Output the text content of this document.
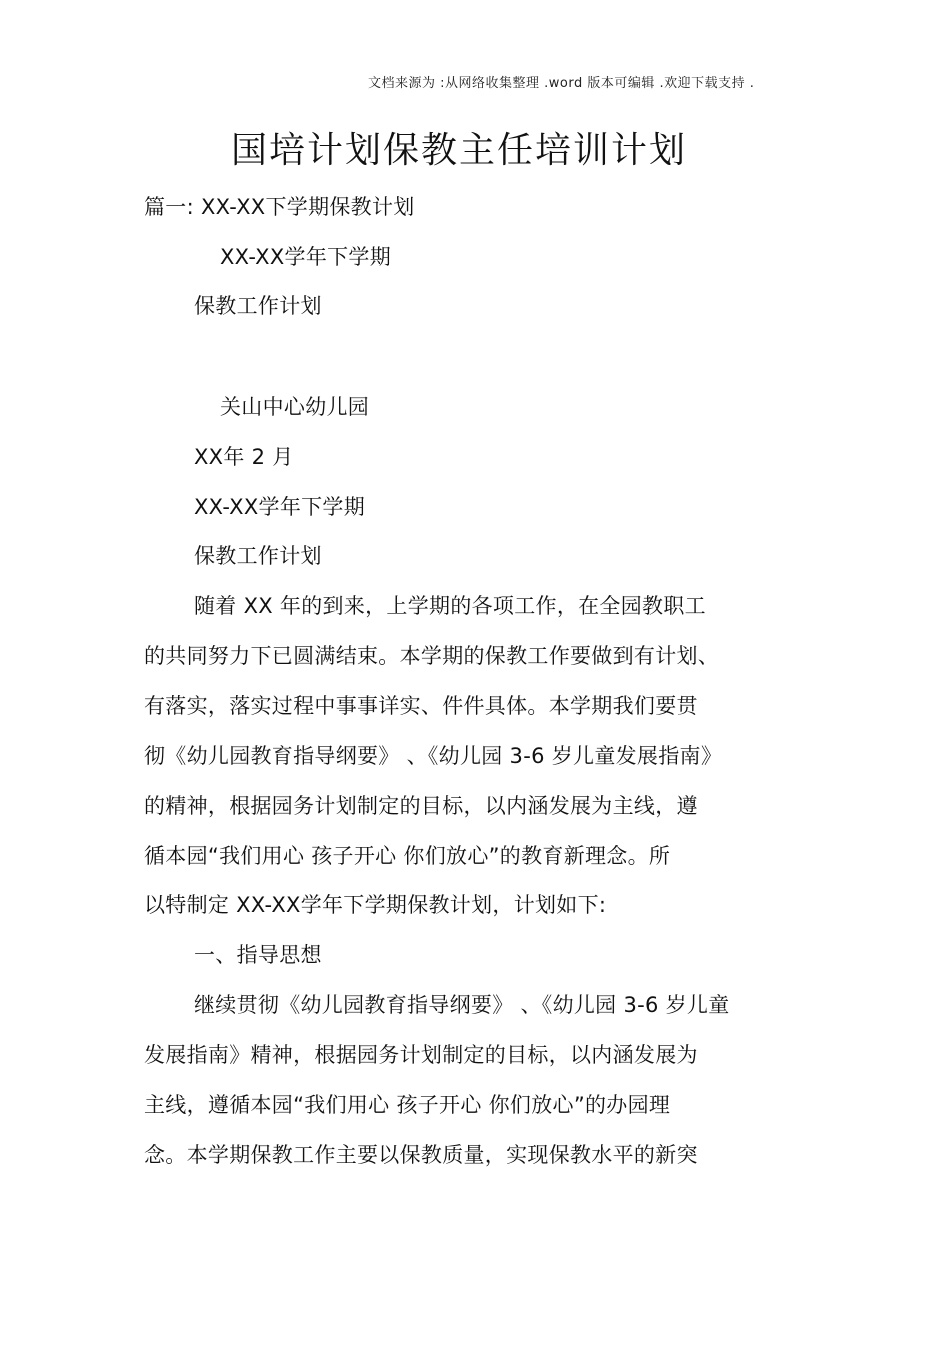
文档来源为 :从网络收集整理 .word 版本可编辑 .欢迎下载支持 .
国培计划保教主任培训计划
篇一: XX-XX下学期保教计划
XX-XX学年下学期
保教工作计划
关山中心幼儿园
XX年 2 月
XX-XX学年下学期
保教工作计划
随着 XX 年的到来，上学期的各项工作，在全园教职工
的共同努力下已圆满结束。本学期的保教工作要做到有计划、
有落实，落实过程中事事详实、件件具体。本学期我们要贯
彻《幼儿园教育指导纲要》 、《幼儿园 3-6 岁儿童发展指南》
的精神，根据园务计划制定的目标，以内涵发展为主线，遵
循本园“我们用心 孩子开心 你们放心”的教育新理念。所
以特制定 XX-XX学年下学期保教计划，计划如下:
一、指导思想
继续贯彻《幼儿园教育指导纲要》 、《幼儿园 3-6 岁儿童
发展指南》精神，根据园务计划制定的目标，以内涵发展为
主线，遵循本园“我们用心 孩子开心 你们放心”的办园理
念。本学期保教工作主要以保教质量，实现保教水平的新突
